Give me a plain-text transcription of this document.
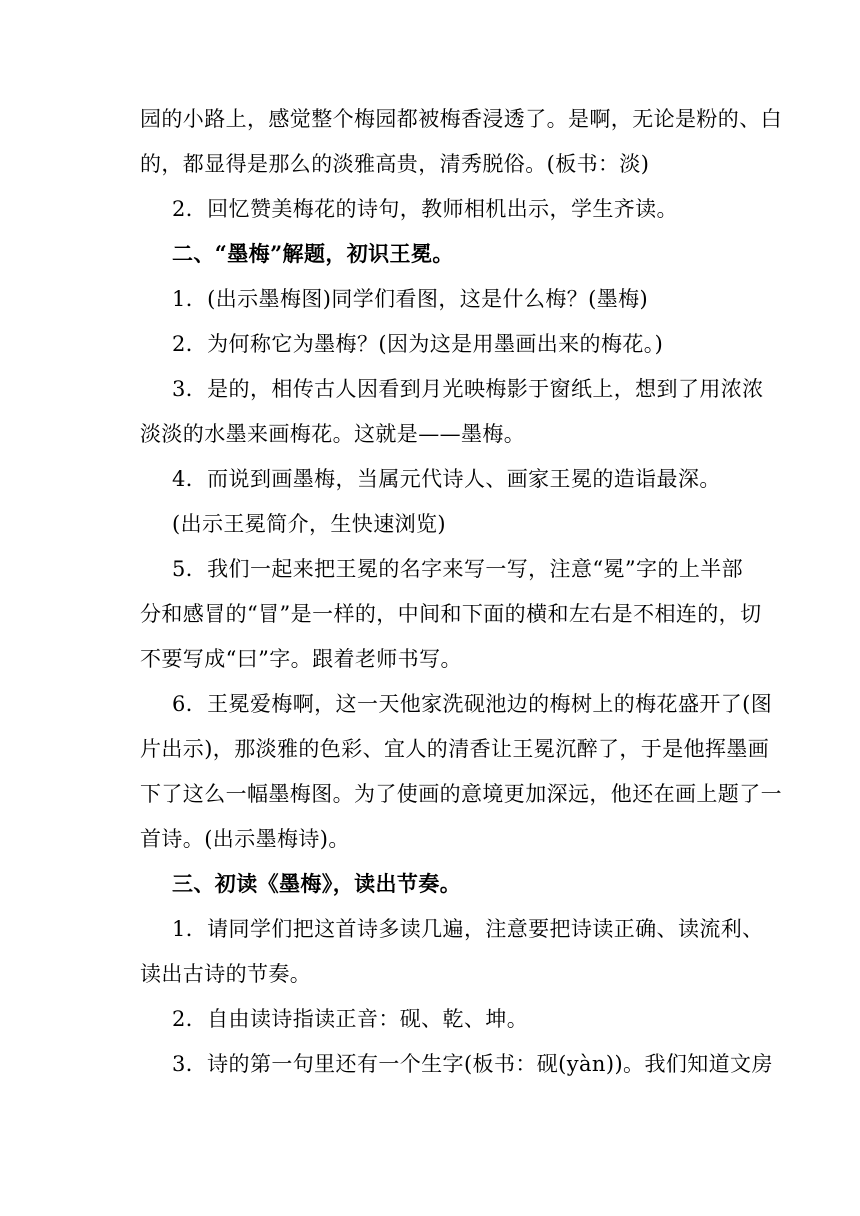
园的小路上，感觉整个梅园都被梅香浸透了。是啊，无论是粉的、白
的，都显得是那么的淡雅高贵，清秀脱俗。(板书：淡)
2．回忆赞美梅花的诗句，教师相机出示，学生齐读。
二、“墨梅”解题，初识王冕。
1．(出示墨梅图)同学们看图，这是什么梅？(墨梅)
2．为何称它为墨梅？(因为这是用墨画出来的梅花。)
3．是的，相传古人因看到月光映梅影于窗纸上，想到了用浓浓
淡淡的水墨来画梅花。这就是——墨梅。
4．而说到画墨梅，当属元代诗人、画家王冕的造诣最深。
(出示王冕简介，生快速浏览)
5．我们一起来把王冕的名字来写一写，注意“冕”字的上半部
分和感冒的“冒”是一样的，中间和下面的横和左右是不相连的，切
不要写成“曰”字。跟着老师书写。
6．王冕爱梅啊，这一天他家洗砚池边的梅树上的梅花盛开了(图
片出示)，那淡雅的色彩、宜人的清香让王冕沉醉了，于是他挥墨画
下了这么一幅墨梅图。为了使画的意境更加深远，他还在画上题了一
首诗。(出示墨梅诗)。
三、初读《墨梅》，读出节奏。
1．请同学们把这首诗多读几遍，注意要把诗读正确、读流利、
读出古诗的节奏。
2．自由读诗指读正音：砚、乾、坤。
3．诗的第一句里还有一个生字(板书：砚(yàn))。我们知道文房
